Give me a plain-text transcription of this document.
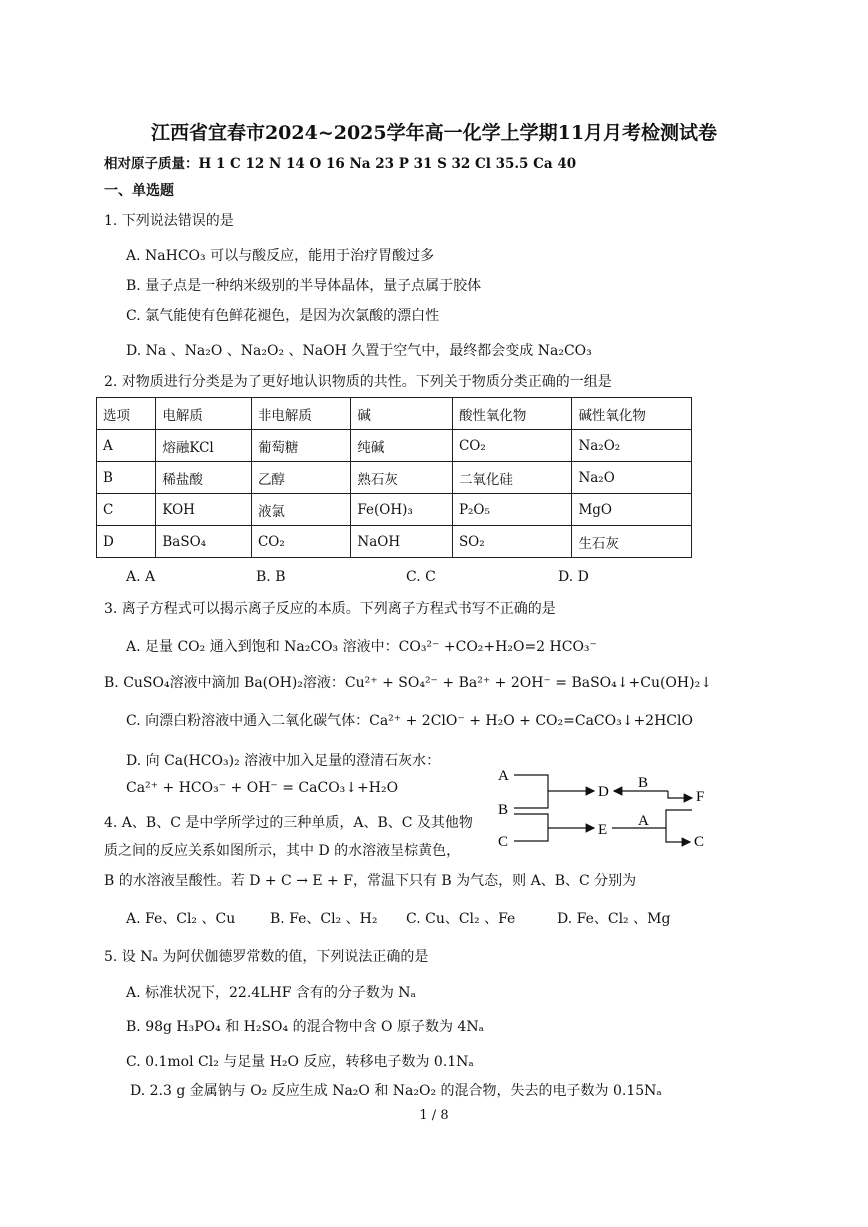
江西省宜春市2024~2025学年高一化学上学期11月月考检测试卷
相对原子质量：H 1 C 12 N 14 O 16 Na 23 P 31 S 32 Cl 35.5 Ca 40
一、单选题
1. 下列说法错误的是
A. NaHCO₃ 可以与酸反应，能用于治疗胃酸过多
B. 量子点是一种纳米级别的半导体晶体，量子点属于胶体
C. 氯气能使有色鲜花褪色，是因为次氯酸的漂白性
D. Na 、Na₂O 、Na₂O₂ 、NaOH 久置于空气中，最终都会变成 Na₂CO₃
2. 对物质进行分类是为了更好地认识物质的共性。下列关于物质分类正确的一组是
选项	电解质	非电解质	碱	酸性氧化物	碱性氧化物
A	熔融KCl	葡萄糖	纯碱	CO₂	Na₂O₂
B	稀盐酸	乙醇	熟石灰	二氧化硅	Na₂O
C	KOH	液氯	Fe(OH)₃	P₂O₅	MgO
D	BaSO₄	CO₂	NaOH	SO₂	生石灰
A. A	B. B	C. C	D. D
3. 离子方程式可以揭示离子反应的本质。下列离子方程式书写不正确的是
A. 足量 CO₂ 通入到饱和 Na₂CO₃ 溶液中：CO₃²⁻ +CO₂+H₂O=2 HCO₃⁻
B. CuSO₄溶液中滴加 Ba(OH)₂溶液：Cu²⁺ + SO₄²⁻ + Ba²⁺ + 2OH⁻ = BaSO₄↓+Cu(OH)₂↓
C. 向漂白粉溶液中通入二氧化碳气体：Ca²⁺ + 2ClO⁻ + H₂O + CO₂=CaCO₃↓+2HClO
D. 向 Ca(HCO₃)₂ 溶液中加入足量的澄清石灰水：
Ca²⁺ + HCO₃⁻ + OH⁻ = CaCO₃↓+H₂O
A
B
C
D
E
F
C
B
A
4. A、B、C 是中学所学过的三种单质，A、B、C 及其他物
质之间的反应关系如图所示，其中 D 的水溶液呈棕黄色，
B 的水溶液呈酸性。若 D + C → E + F，常温下只有 B 为气态，则 A、B、C 分别为
A. Fe、Cl₂ 、Cu B. Fe、Cl₂ 、H₂ C. Cu、Cl₂ 、Fe	D. Fe、Cl₂ 、Mg
5. 设 Nₐ 为阿伏伽德罗常数的值，下列说法正确的是
A. 标准状况下，22.4LHF 含有的分子数为 Nₐ
B. 98g H₃PO₄ 和 H₂SO₄ 的混合物中含 O 原子数为 4Nₐ
C. 0.1mol Cl₂ 与足量 H₂O 反应，转移电子数为 0.1Nₐ
D. 2.3 g 金属钠与 O₂ 反应生成 Na₂O 和 Na₂O₂ 的混合物，失去的电子数为 0.15Nₐ
1 / 8
